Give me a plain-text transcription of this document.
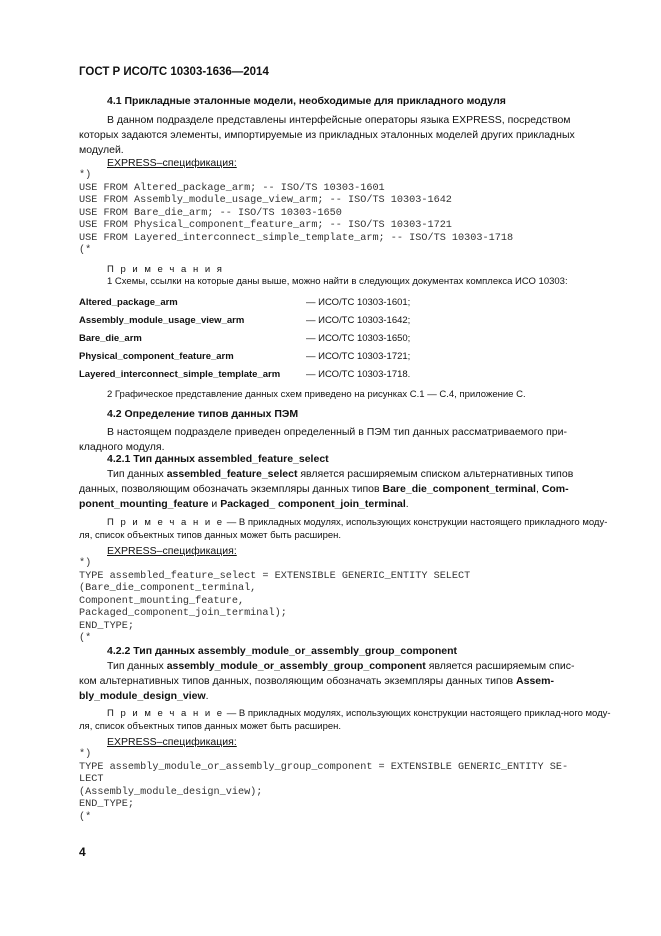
ГОСТ Р ИСО/ТС 10303-1636—2014
4.1 Прикладные эталонные модели, необходимые для прикладного модуля
В данном подразделе представлены интерфейсные операторы языка EXPRESS, посредством
которых задаются элементы, импортируемые из прикладных эталонных моделей других прикладных
модулей.
EXPRESS–спецификация:
*)
USE FROM Altered_package_arm; -- ISO/TS 10303-1601
USE FROM Assembly_module_usage_view_arm; -- ISO/TS 10303-1642
USE FROM Bare_die_arm; -- ISO/TS 10303-1650
USE FROM Physical_component_feature_arm; -- ISO/TS 10303-1721
USE FROM Layered_interconnect_simple_template_arm; -- ISO/TS 10303-1718
(*
П р и м е ч а н и я
1 Схемы, ссылки на которые даны выше, можно найти в следующих документах комплекса ИСО 10303:
Altered_package_arm	— ИСО/ТС 10303-1601;
Assembly_module_usage_view_arm	— ИСО/ТС 10303-1642;
Bare_die_arm	— ИСО/ТС 10303-1650;
Physical_component_feature_arm	— ИСО/ТС 10303-1721;
Layered_interconnect_simple_template_arm	— ИСО/ТС 10303-1718.
2 Графическое представление данных схем приведено на рисунках C.1 — C.4, приложение С.
4.2 Определение типов данных ПЭМ
В настоящем подразделе приведен определенный в ПЭМ тип данных рассматриваемого при-
кладного модуля.
4.2.1 Тип данных assembled_feature_select
Тип данных assembled_feature_select является расширяемым списком альтернативных типов
данных, позволяющим обозначать экземпляры данных типов Bare_die_component_terminal, Com-
ponent_mounting_feature и Packaged_ component_join_terminal.
П р и м е ч а н и е — В прикладных модулях, использующих конструкции настоящего прикладного моду-
ля, список объектных типов данных может быть расширен.
EXPRESS–спецификация:
*)
TYPE assembled_feature_select = EXTENSIBLE GENERIC_ENTITY SELECT
(Bare_die_component_terminal,
Component_mounting_feature,
Packaged_component_join_terminal);
END_TYPE;
(*
4.2.2 Тип данных assembly_module_or_assembly_group_component
Тип данных assembly_module_or_assembly_group_component является расширяемым спис-
ком альтернативных типов данных, позволяющим обозначать экземпляры данных типов Assem-
bly_module_design_view.
П р и м е ч а н и е — В прикладных модулях, использующих конструкции настоящего приклад-ного моду-
ля, список объектных типов данных может быть расширен.
EXPRESS–спецификация:
*)
TYPE assembly_module_or_assembly_group_component = EXTENSIBLE GENERIC_ENTITY SE-
LECT
(Assembly_module_design_view);
END_TYPE;
(*
4
